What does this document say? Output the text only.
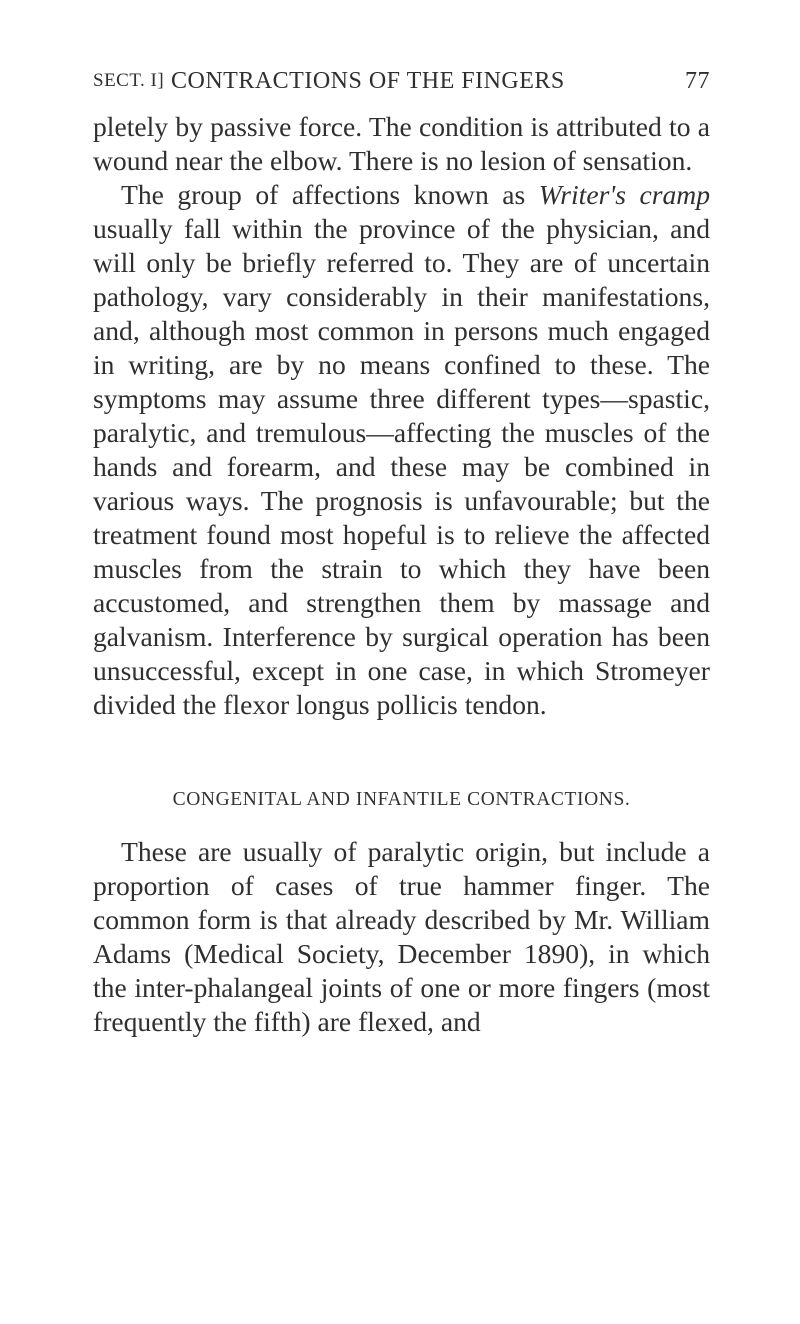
SECT. I] CONTRACTIONS OF THE FINGERS	77

pletely by passive force. The condition is attributed to a wound near the elbow. There is no lesion of sensation.

The group of affections known as Writer's cramp usually fall within the province of the physician, and will only be briefly referred to. They are of uncertain pathology, vary considerably in their manifestations, and, although most common in persons much engaged in writing, are by no means confined to these. The symptoms may assume three different types—spastic, paralytic, and tremulous—affecting the muscles of the hands and forearm, and these may be combined in various ways. The prognosis is unfavourable; but the treatment found most hopeful is to relieve the affected muscles from the strain to which they have been accustomed, and strengthen them by massage and galvanism. Interference by surgical operation has been unsuccessful, except in one case, in which Stromeyer divided the flexor longus pollicis tendon.

CONGENITAL AND INFANTILE CONTRACTIONS.

These are usually of paralytic origin, but include a proportion of cases of true hammer finger. The common form is that already described by Mr. William Adams (Medical Society, December 1890), in which the inter-phalangeal joints of one or more fingers (most frequently the fifth) are flexed, and
